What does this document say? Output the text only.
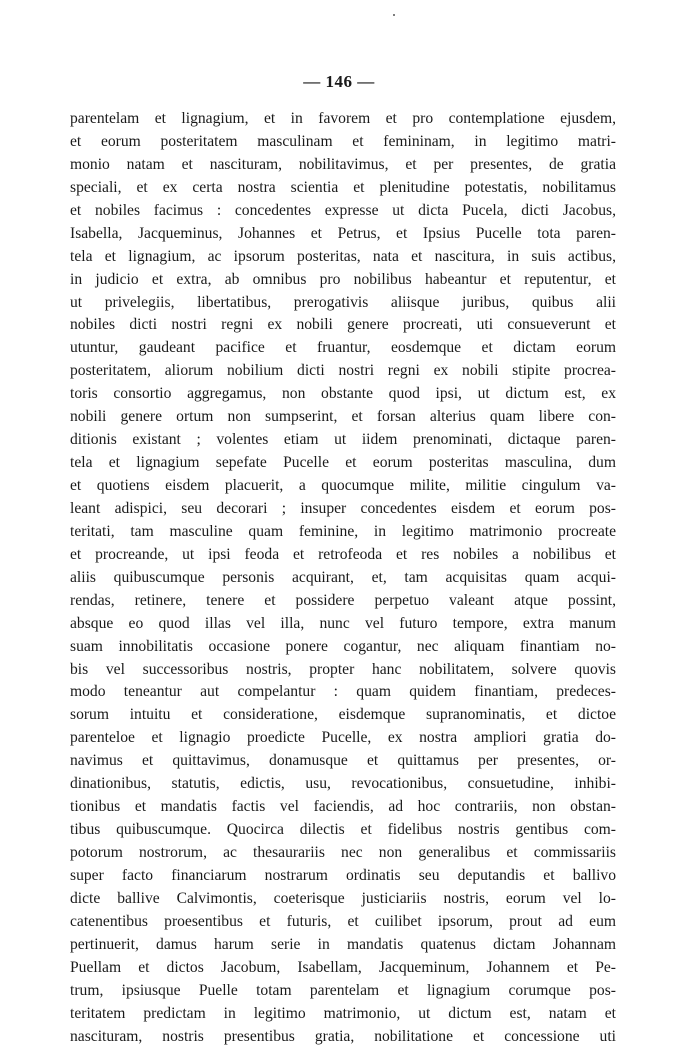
— 146 —
parentelam et lignagium, et in favorem et pro contemplatione ejusdem,
et eorum posteritatem masculinam et femininam, in legitimo matri-
monio natam et nascituram, nobilitavimus, et per presentes, de gratia
speciali, et ex certa nostra scientia et plenitudine potestatis, nobilitamus
et nobiles facimus : concedentes expresse ut dicta Pucela, dicti Jacobus,
Isabella, Jacqueminus, Johannes et Petrus, et Ipsius Pucelle tota paren-
tela et lignagium, ac ipsorum posteritas, nata et nascitura, in suis actibus,
in judicio et extra, ab omnibus pro nobilibus habeantur et reputentur, et
ut privelegiis, libertatibus, prerogativis aliisque juribus, quibus alii
nobiles dicti nostri regni ex nobili genere procreati, uti consueverunt et
utuntur, gaudeant pacifice et fruantur, eosdemque et dictam eorum
posteritatem, aliorum nobilium dicti nostri regni ex nobili stipite procrea-
toris consortio aggregamus, non obstante quod ipsi, ut dictum est, ex
nobili genere ortum non sumpserint, et forsan alterius quam libere con-
ditionis existant ; volentes etiam ut iidem prenominati, dictaque paren-
tela et lignagium sepefate Pucelle et eorum posteritas masculina, dum
et quotiens eisdem placuerit, a quocumque milite, militie cingulum va-
leant adispici, seu decorari ; insuper concedentes eisdem et eorum pos-
teritati, tam masculine quam feminine, in legitimo matrimonio procreate
et procreande, ut ipsi feoda et retrofeoda et res nobiles a nobilibus et
aliis quibuscumque personis acquirant, et, tam acquisitas quam acqui-
rendas, retinere, tenere et possidere perpetuo valeant atque possint,
absque eo quod illas vel illa, nunc vel futuro tempore, extra manum
suam innobilitatis occasione ponere cogantur, nec aliquam finantiam no-
bis vel successoribus nostris, propter hanc nobilitatem, solvere quovis
modo teneantur aut compelantur : quam quidem finantiam, predeces-
sorum intuitu et consideratione, eisdemque supranominatis, et dictoe
parenteloe et lignagio proedicte Pucelle, ex nostra ampliori gratia do-
navimus et quittavimus, donamusque et quittamus per presentes, or-
dinationibus, statutis, edictis, usu, revocationibus, consuetudine, inhibi-
tionibus et mandatis factis vel faciendis, ad hoc contrariis, non obstan-
tibus quibuscumque. Quocirca dilectis et fidelibus nostris gentibus com-
potorum nostrorum, ac thesaurariis nec non generalibus et commissariis
super facto financiarum nostrarum ordinatis seu deputandis et ballivo
dicte ballive Calvimontis, coeterisque justiciariis nostris, eorum vel lo-
catenentibus proesentibus et futuris, et cuilibet ipsorum, prout ad eum
pertinuerit, damus harum serie in mandatis quatenus dictam Johannam
Puellam et dictos Jacobum, Isabellam, Jacqueminum, Johannem et Pe-
trum, ipsiusque Puelle totam parentelam et lignagium corumque pos-
teritatem predictam in legitimo matrimonio, ut dictum est, natam et
nascituram, nostris presentibus gratia, nobilitatione et concessione uti
